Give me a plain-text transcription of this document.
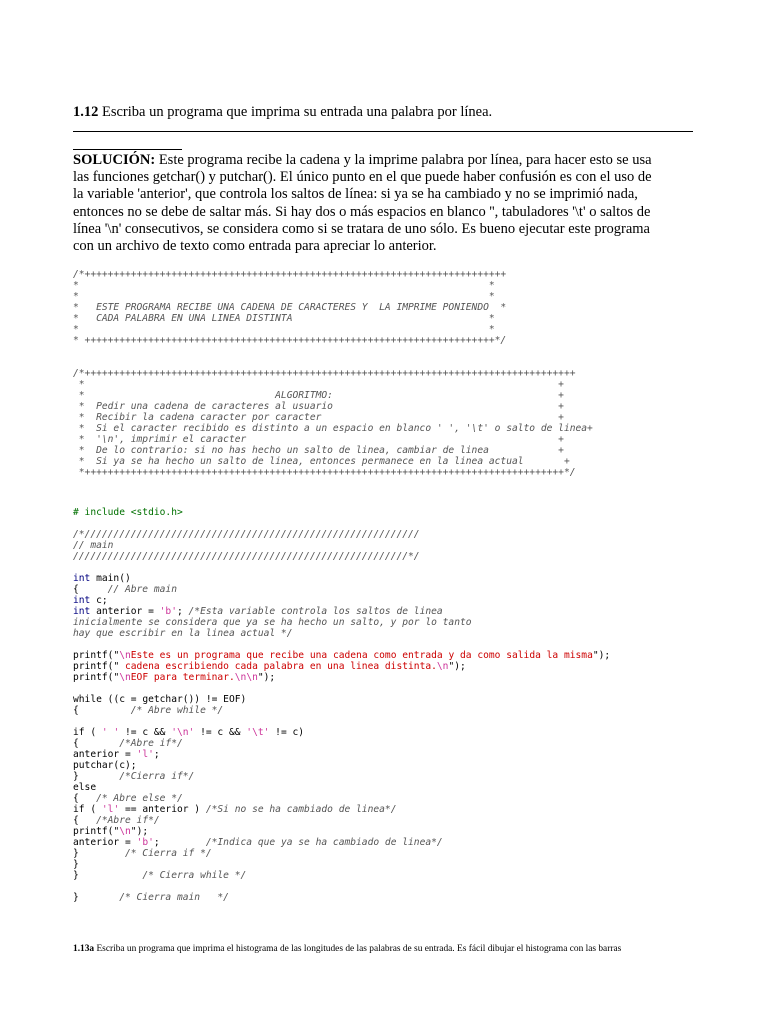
1.12 Escriba un programa que imprima su entrada una palabra por línea.
SOLUCIÓN: Este programa recibe la cadena y la imprime palabra por línea, para hacer esto se usa
las funciones getchar() y putchar(). El único punto en el que puede haber confusión es con el uso de
la variable 'anterior', que controla los saltos de línea: si ya se ha cambiado y no se imprimió nada,
entonces no se debe de saltar más. Si hay dos o más espacios en blanco '', tabuladores '\t' o saltos de
línea '\n' consecutivos, se considera como si se tratara de uno sólo. Es bueno ejecutar este programa
con un archivo de texto como entrada para apreciar lo anterior.
/*+++++++++++++++++++++++++++++++++++++++++++++++++++++++++++++++++++++++++
*                                                                       *
*                                                                       *
*   ESTE PROGRAMA RECIBE UNA CADENA DE CARACTERES Y  LA IMPRIME PONIENDO  *
*   CADA PALABRA EN UNA LINEA DISTINTA                                  *
*                                                                       *
* +++++++++++++++++++++++++++++++++++++++++++++++++++++++++++++++++++++++*/
/*+++++++++++++++++++++++++++++++++++++++++++++++++++++++++++++++++++++++++++++++++++++
*                                                                                  +
*                                 ALGORITMO:                                       +
*  Pedir una cadena de caracteres al usuario                                       +
*  Recibir la cadena caracter por caracter                                         +
*  Si el caracter recibido es distinto a un espacio en blanco ' ', '\t' o salto de linea+
*  '\n', imprimir el caracter                                                      +
*  De lo contrario: si no has hecho un salto de linea, cambiar de linea            +
*  Si ya se ha hecho un salto de linea, entonces permanece en la linea actual       +
*+++++++++++++++++++++++++++++++++++++++++++++++++++++++++++++++++++++++++++++++++++*/
# include <stdio.h>

/*//////////////////////////////////////////////////////////
// main
//////////////////////////////////////////////////////////*/

int main()
{     // Abre main
int c;
int anterior = 'b'; /*Esta variable controla los saltos de linea
inicialmente se considera que ya se ha hecho un salto, y por lo tanto
hay que escribir en la linea actual */

printf("\nEste es un programa que recibe una cadena como entrada y da como salida la misma");
printf(" cadena escribiendo cada palabra en una linea distinta.\n");
printf("\nEOF para terminar.\n\n");

while ((c = getchar()) != EOF)
{         /* Abre while */

if ( ' ' != c && '\n' != c && '\t' != c)
{       /*Abre if*/
anterior = 'l';
putchar(c);
}       /*Cierra if*/
else
{   /* Abre else */
if ( 'l' == anterior ) /*Si no se ha cambiado de linea*/
{   /*Abre if*/
printf("\n");
anterior = 'b';        /*Indica que ya se ha cambiado de linea*/
}        /* Cierra if */
}
}           /* Cierra while */

}       /* Cierra main   */
1.13a Escriba un programa que imprima el histograma de las longitudes de las palabras de su entrada. Es fácil dibujar el histograma con las barras
